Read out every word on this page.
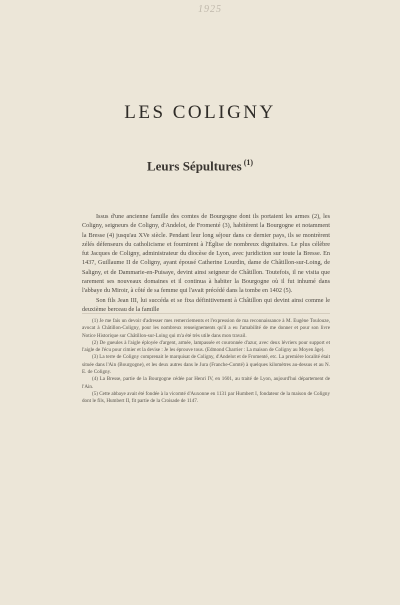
1925
LES COLIGNY
Leurs Sépultures $^{(1)}$

Issus d'une ancienne famille des comtes de Bourgogne dont ils portaient les armes (2), les Coligny, seigneurs de Coligny, d'Andelot, de Fromenté (3), habitèrent la Bourgogne et notamment la Bresse (4) jusqu'au XVe siècle. Pendant leur long séjour dans ce dernier pays, ils se montrèrent zélés défenseurs du catholicisme et fournirent à l'Église de nombreux dignitaires. Le plus célèbre fut Jacques de Coligny, administrateur du diocèse de Lyon, avec juridiction sur toute la Bresse. En 1437, Guillaume II de Coligny, ayant épousé Catherine Lourdin, dame de Châtillon-sur-Loing, de Saligny, et de Dammarie-en-Puisaye, devint ainsi seigneur de Châtillon. Toutefois, il ne visita que rarement ses nouveaux domaines et il continua à habiter la Bourgogne où il fut inhumé dans l'abbaye du Miroir, à côté de sa femme qui l'avait précédé dans la tombe en 1402 (5).

Son fils Jean III, lui succéda et se fixa définitivement à Châtillon qui devint ainsi comme le deuxième berceau de la famille

(1) Je me fais un devoir d'adresser mes remerciements et l'expression de ma reconnaissance à M. Eugène Toulouze, avocat à Châtillon-Coligny, pour les nombreux renseignements qu'il a eu l'amabilité de me donner et pour son livre Notice Historique sur Châtillon-sur-Loing qui m'a été très utile dans mon travail.

(2) De gueules à l'aigle éployée d'argent, armée, lampassée et couronnée d'azur, avec deux lévriers pour support et l'aigle de l'écu pour cimier et la devise : Je les éprouve tous. (Edmond Charrier : La maison de Coligny au Moyen âge).

(3) La terre de Coligny comprenait le marquisat de Coligny, d'Andelot et de Fromenté, etc. La première localité était située dans l'Ain (Bourgogne), et les deux autres dans le Jura (Franche-Comté) à quelques kilomètres au-dessus et au N. E. de Coligny.

(4) La Bresse, partie de la Bourgogne cédée par Henri IV, en 1601, au traité de Lyon, aujourd'hui département de l'Ain.

(5) Cette abbaye avait été fondée à la vicomté d'Auxonne en 1131 par Humbert I, fondateur de la maison de Coligny dont le fils, Humbert II, fit partie de la Croisade de 1147.
